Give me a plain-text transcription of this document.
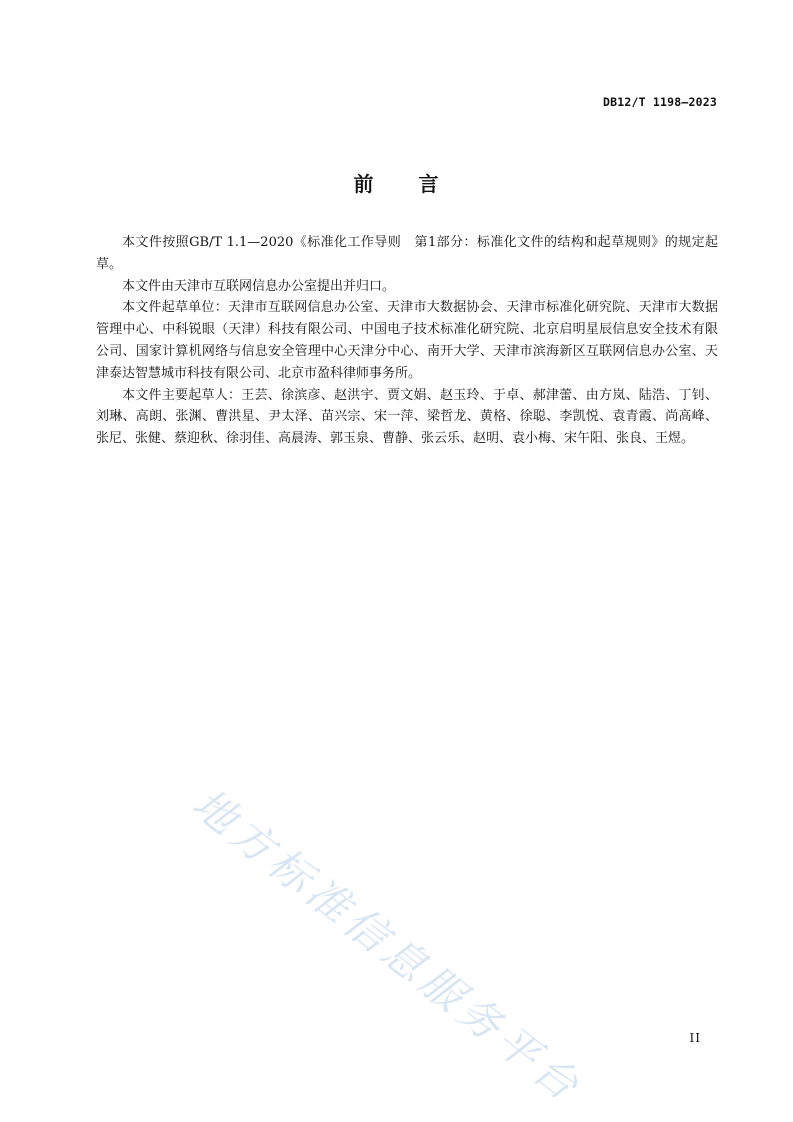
DB12/T 1198—2023
前 言

本文件按照GB/T 1.1—2020《标准化工作导则　第1部分：标准化文件的结构和起草规则》的规定起草。

本文件由天津市互联网信息办公室提出并归口。

本文件起草单位：天津市互联网信息办公室、天津市大数据协会、天津市标准化研究院、天津市大数据管理中心、中科锐眼（天津）科技有限公司、中国电子技术标准化研究院、北京启明星辰信息安全技术有限公司、国家计算机网络与信息安全管理中心天津分中心、南开大学、天津市滨海新区互联网信息办公室、天津泰达智慧城市科技有限公司、北京市盈科律师事务所。

本文件主要起草人：王芸、徐滨彦、赵洪宇、贾文娟、赵玉玲、于卓、郝津蕾、由方岚、陆浩、丁钊、刘琳、高朗、张渊、曹洪星、尹太泽、苗兴宗、宋一萍、梁哲龙、黄格、徐聪、李凯悦、袁青霞、尚高峰、张尼、张健、蔡迎秋、徐羽佳、高晨涛、郭玉泉、曹静、张云乐、赵明、袁小梅、宋午阳、张良、王煜。

地方标准信息服务平台	II
